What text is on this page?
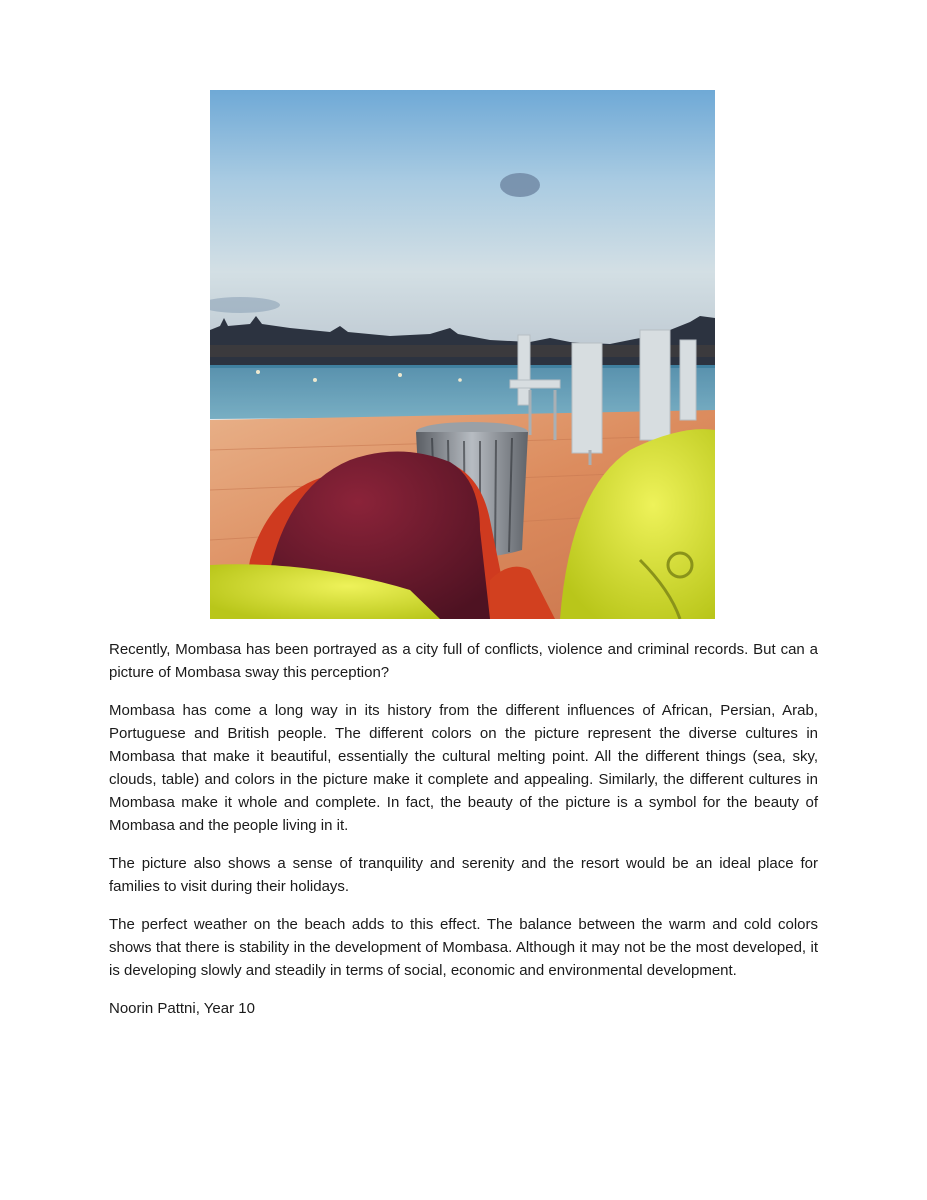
Recently, Mombasa has been portrayed as a city full of conflicts, violence and criminal records. But can a picture of Mombasa sway this perception?

Mombasa has come a long way in its history from the different influences of African, Persian, Arab, Portuguese and British people. The different colors on the picture represent the diverse cultures in Mombasa that make it beautiful, essentially the cultural melting point. All the different things (sea, sky, clouds, table) and colors in the picture make it complete and appealing. Similarly, the different cultures in Mombasa make it whole and complete. In fact, the beauty of the picture is a symbol for the beauty of Mombasa and the people living in it.

The picture also shows a sense of tranquility and serenity and the resort would be an ideal place for families to visit during their holidays.

The perfect weather on the beach adds to this effect. The balance between the warm and cold colors shows that there is stability in the development of Mombasa. Although it may not be the most developed, it is developing slowly and steadily in terms of social, economic and environmental development.

Noorin Pattni, Year 10
